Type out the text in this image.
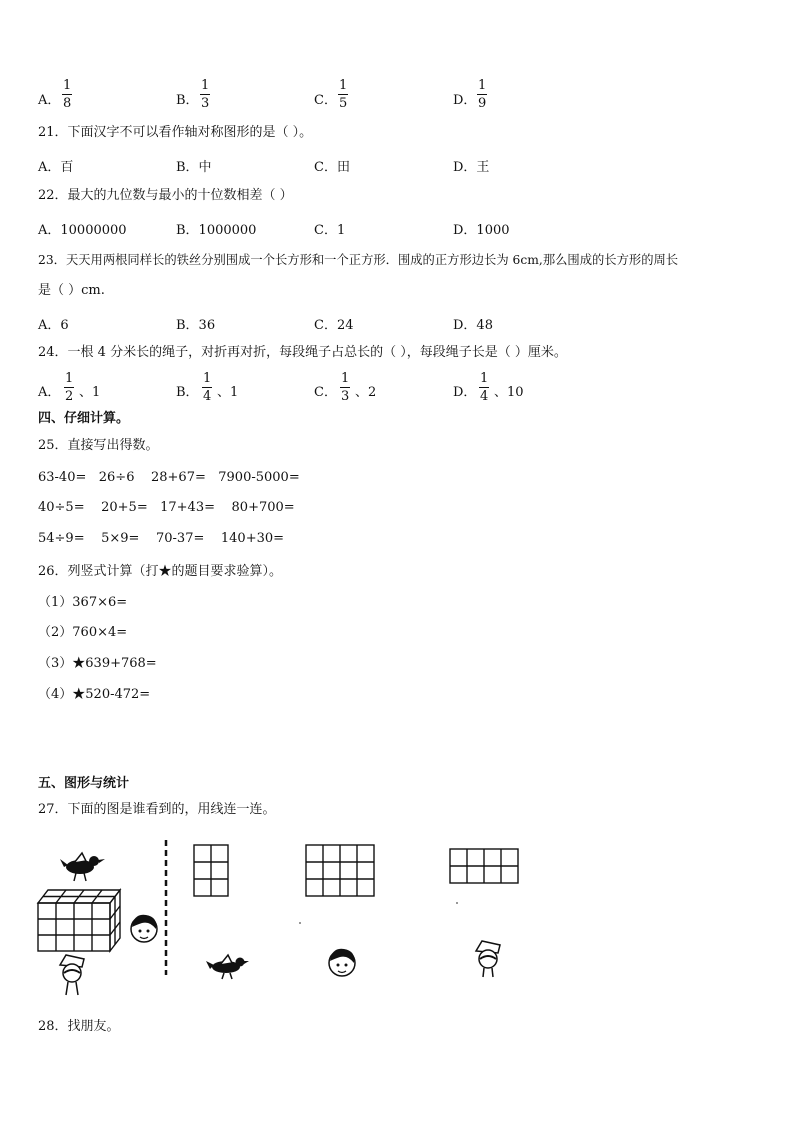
A．
1
8	B．
1
3	C．
1
5	D．
1
9
21．下面汉字不可以看作轴对称图形的是（ ）。
A．百	B．中	C．田	D．王
22．最大的九位数与最小的十位数相差（ ）
A．10000000	B．1000000	C．1	D．1000
23．天天用两根同样长的铁丝分别围成一个长方形和一个正方形．围成的正方形边长为 6cm,那么围成的长方形的周长
是（ ）cm.
A．6	B．36	C．24	D．48
24．一根 4 分米长的绳子，对折再对折，每段绳子占总长的（ ），每段绳子长是（ ）厘米。
A．
1
2 、1	B．
1
4 、1	C．
1
3 、2	D．
1
4 、10
四、仔细计算。
25．直接写出得数。
63-40=   26÷6    28+67=   7900-5000=
40÷5=    20+5=   17+43=    80+700=
54÷9=    5×9=    70-37=    140+30=
26．列竖式计算（打★的题目要求验算）。
（1）367×6=
（2）760×4=
（3）★639+768=
（4）★520-472=
五、图形与统计
27．下面的图是谁看到的，用线连一连。
28．找朋友。
